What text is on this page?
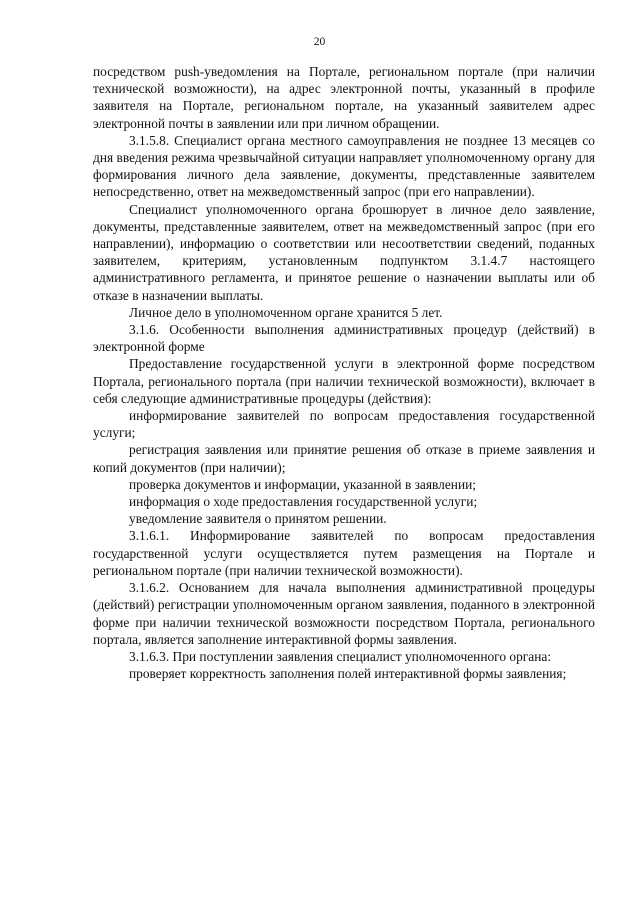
20

посредством push-уведомления на Портале, региональном портале (при наличии технической возможности), на адрес электронной почты, указанный в профиле заявителя на Портале, региональном портале, на указанный заявителем адрес электронной почты в заявлении или при личном обращении.

3.1.5.8. Специалист органа местного самоуправления не позднее 13 месяцев со дня введения режима чрезвычайной ситуации направляет уполномоченному органу для формирования личного дела заявление, документы, представленные заявителем непосредственно, ответ на межведомственный запрос (при его направлении).

Специалист уполномоченного органа брошюрует в личное дело заявление, документы, представленные заявителем, ответ на межведомственный запрос (при его направлении), информацию о соответствии или несоответствии сведений, поданных заявителем, критериям, установленным подпунктом 3.1.4.7 настоящего административного регламента, и принятое решение о назначении выплаты или об отказе в назначении выплаты.

Личное дело в уполномоченном органе хранится 5 лет.

3.1.6. Особенности выполнения административных процедур (действий) в электронной форме

Предоставление государственной услуги в электронной форме посредством Портала, регионального портала (при наличии технической возможности), включает в себя следующие административные процедуры (действия):

информирование заявителей по вопросам предоставления государственной услуги;

регистрация заявления или принятие решения об отказе в приеме заявления и копий документов (при наличии);

проверка документов и информации, указанной в заявлении;

информация о ходе предоставления государственной услуги;

уведомление заявителя о принятом решении.

3.1.6.1. Информирование заявителей по вопросам предоставления государственной услуги осуществляется путем размещения на Портале и региональном портале (при наличии технической возможности).

3.1.6.2. Основанием для начала выполнения административной процедуры (действий) регистрации уполномоченным органом заявления, поданного в электронной форме при наличии технической возможности посредством Портала, регионального портала, является заполнение интерактивной формы заявления.

3.1.6.3. При поступлении заявления специалист уполномоченного органа:

проверяет корректность заполнения полей интерактивной формы заявления;
